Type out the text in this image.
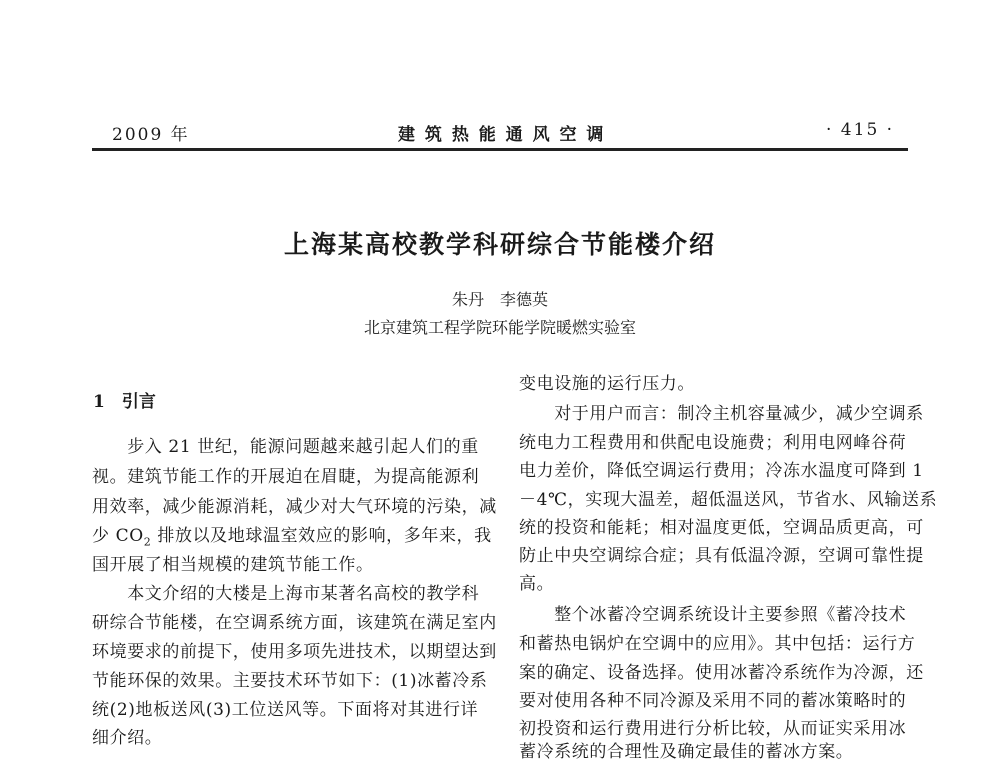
2009 年	建 筑 热 能 通 风 空 调	· 415 ·
上海某高校教学科研综合节能楼介绍
朱丹　李德英
北京建筑工程学院环能学院暖燃实验室
1　引言
　　步入 21 世纪，能源问题越来越引起人们的重
视。建筑节能工作的开展迫在眉睫，为提高能源利
用效率，减少能源消耗，减少对大气环境的污染，减
少 $CO_2$ 排放以及地球温室效应的影响，多年来，我
国开展了相当规模的建筑节能工作。
　　本文介绍的大楼是上海市某著名高校的教学科
研综合节能楼，在空调系统方面，该建筑在满足室内
环境要求的前提下，使用多项先进技术，以期望达到
节能环保的效果。主要技术环节如下：(1)冰蓄冷系
统(2)地板送风(3)工位送风等。下面将对其进行详
细介绍。
变电设施的运行压力。
　　对于用户而言：制冷主机容量减少，减少空调系
统电力工程费用和供配电设施费；利用电网峰谷荷
电力差价，降低空调运行费用；冷冻水温度可降到 1
－4℃，实现大温差，超低温送风，节省水、风输送系
统的投资和能耗；相对温度更低，空调品质更高，可
防止中央空调综合症；具有低温冷源，空调可靠性提
高。
　　整个冰蓄冷空调系统设计主要参照《蓄冷技术
和蓄热电锅炉在空调中的应用》。其中包括：运行方
案的确定、设备选择。使用冰蓄冷系统作为冷源，还
要对使用各种不同冷源及采用不同的蓄冰策略时的
初投资和运行费用进行分析比较，从而证实采用冰
蓄冷系统的合理性及确定最佳的蓄冰方案。
